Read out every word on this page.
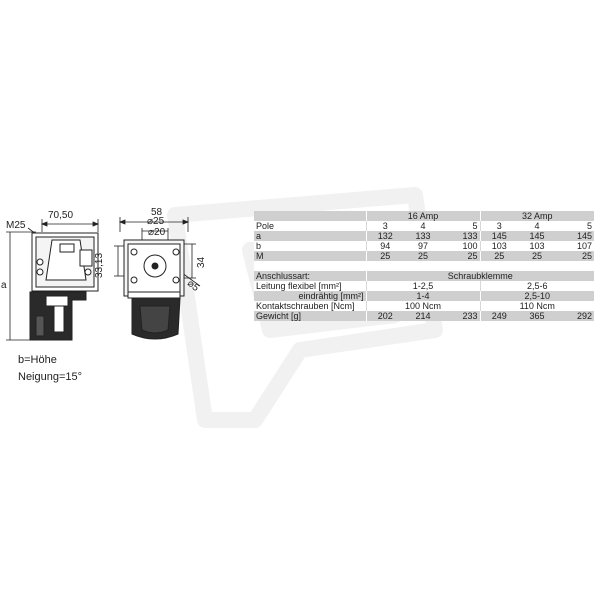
70,50
M25
a
58
⌀25
⌀20
33,13	34
⌀5
b=Höhe
Neigung=15°
	16 Amp			32 Amp		
Pole	3	4	5	3	4	5
a	132	133	133	145	145	145
b	94	97	100	103	103	107
M	25	25	25	25	25	25

Anschlussart:	Schraubklemme					
Leitung flexibel [mm²]	1-2,5			2,5-6		
eindrähtig [mm²]	1-4			2,5-10		
Kontaktschrauben [Ncm]	100 Ncm			110 Ncm		
Gewicht [g]	202	214	233	249	365	292
